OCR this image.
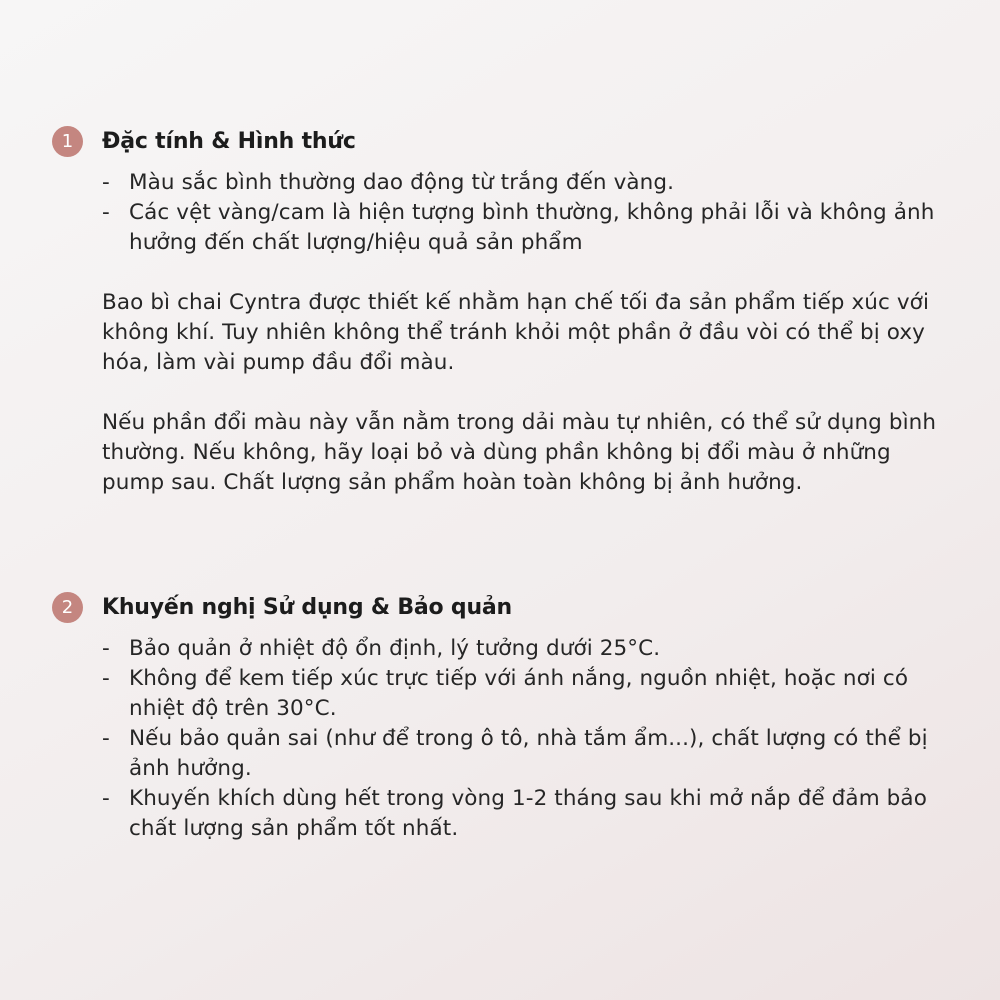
1	Đặc tính & Hình thức
- Màu sắc bình thường dao động từ trắng đến vàng.
- Các vệt vàng/cam là hiện tượng bình thường, không phải lỗi và không ảnh hưởng đến chất lượng/hiệu quả sản phẩm

Bao bì chai Cyntra được thiết kế nhằm hạn chế tối đa sản phẩm tiếp xúc với không khí. Tuy nhiên không thể tránh khỏi một phần ở đầu vòi có thể bị oxy hóa, làm vài pump đầu đổi màu.

Nếu phần đổi màu này vẫn nằm trong dải màu tự nhiên, có thể sử dụng bình thường. Nếu không, hãy loại bỏ và dùng phần không bị đổi màu ở những pump sau. Chất lượng sản phẩm hoàn toàn không bị ảnh hưởng.

2	Khuyến nghị Sử dụng & Bảo quản
- Bảo quản ở nhiệt độ ổn định, lý tưởng dưới 25°C.
- Không để kem tiếp xúc trực tiếp với ánh nắng, nguồn nhiệt, hoặc nơi có nhiệt độ trên 30°C.
- Nếu bảo quản sai (như để trong ô tô, nhà tắm ẩm...), chất lượng có thể bị ảnh hưởng.
- Khuyến khích dùng hết trong vòng 1-2 tháng sau khi mở nắp để đảm bảo chất lượng sản phẩm tốt nhất.
